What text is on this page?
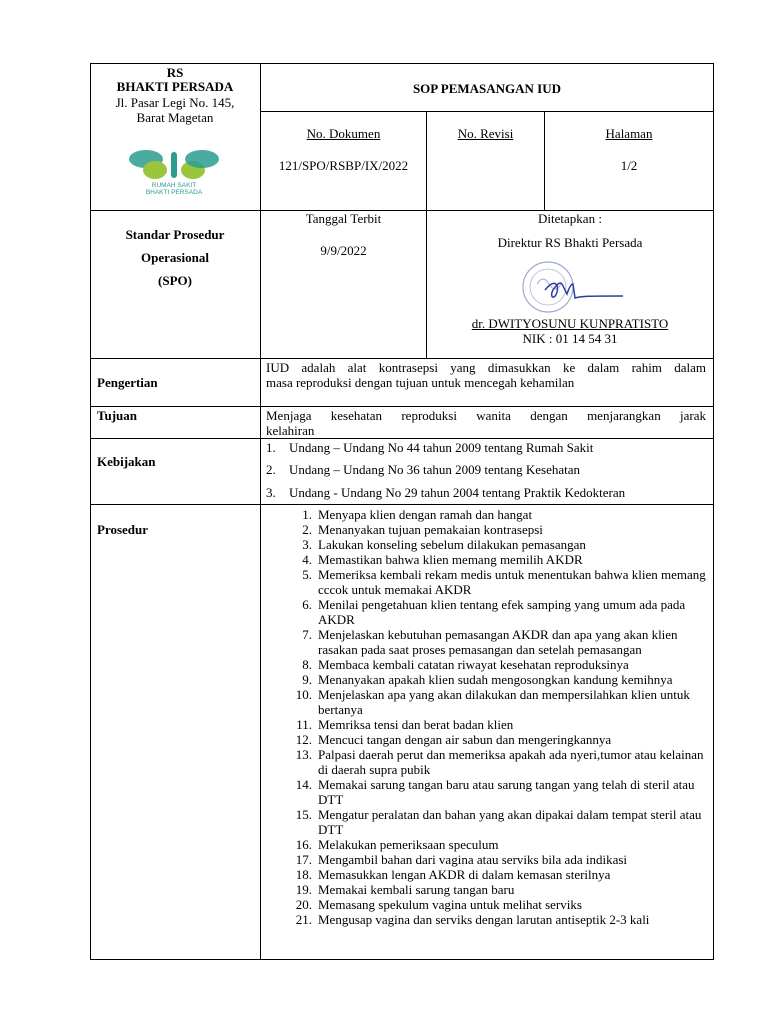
RS
BHAKTI PERSADA
Jl. Pasar Legi No. 145,
Barat Magetan
RUMAH SAKIT
BHAKTI PERSADA
SOP PEMASANGAN IUD
No. Dokumen
121/SPO/RSBP/IX/2022
No. Revisi	Halaman
1/2
Standar Prosedur
Operasional
(SPO)
Tanggal Terbit
9/9/2022
Ditetapkan :
Direktur RS Bhakti Persada
dr. DWITYOSUNU KUNPRATISTO
NIK : 01 14 54 31
Pengertian
IUD adalah alat kontrasepsi yang dimasukkan ke dalam rahim dalam
masa reproduksi dengan tujuan untuk mencegah kehamilan
Tujuan	Menjaga kesehatan reproduksi wanita dengan menjarangkan jarak
kelahiran
Kebijakan
1. Undang – Undang No 44 tahun 2009 tentang Rumah Sakit
2. Undang – Undang No 36 tahun 2009 tentang Kesehatan
3. Undang - Undang No 29 tahun 2004 tentang Praktik Kedokteran
Prosedur
1. Menyapa klien dengan ramah dan hangat
2. Menanyakan tujuan pemakaian kontrasepsi
3. Lakukan konseling sebelum dilakukan pemasangan
4. Memastikan bahwa klien memang memilih AKDR
5. Memeriksa kembali rekam medis untuk menentukan bahwa klien memang cccok untuk memakai AKDR
6. Menilai pengetahuan klien tentang efek samping yang umum ada pada AKDR
7. Menjelaskan kebutuhan pemasangan AKDR dan apa yang akan klien rasakan pada saat proses pemasangan dan setelah pemasangan
8. Membaca kembali catatan riwayat kesehatan reproduksinya
9. Menanyakan apakah klien sudah mengosongkan kandung kemihnya
10. Menjelaskan apa yang akan dilakukan dan mempersilahkan klien untuk bertanya
11. Memriksa tensi dan berat badan klien
12. Mencuci tangan dengan air sabun dan mengeringkannya
13. Palpasi daerah perut dan memeriksa apakah ada nyeri,tumor atau kelainan di daerah supra pubik
14. Memakai sarung tangan baru atau sarung tangan yang telah di steril atau DTT
15. Mengatur peralatan dan bahan yang akan dipakai dalam tempat steril atau DTT
16. Melakukan pemeriksaan speculum
17. Mengambil bahan dari vagina atau serviks bila ada indikasi
18. Memasukkan lengan AKDR di dalam kemasan sterilnya
19. Memakai kembali sarung tangan baru
20. Memasang spekulum vagina untuk melihat serviks
21. Mengusap vagina dan serviks dengan larutan antiseptik 2-3 kali
